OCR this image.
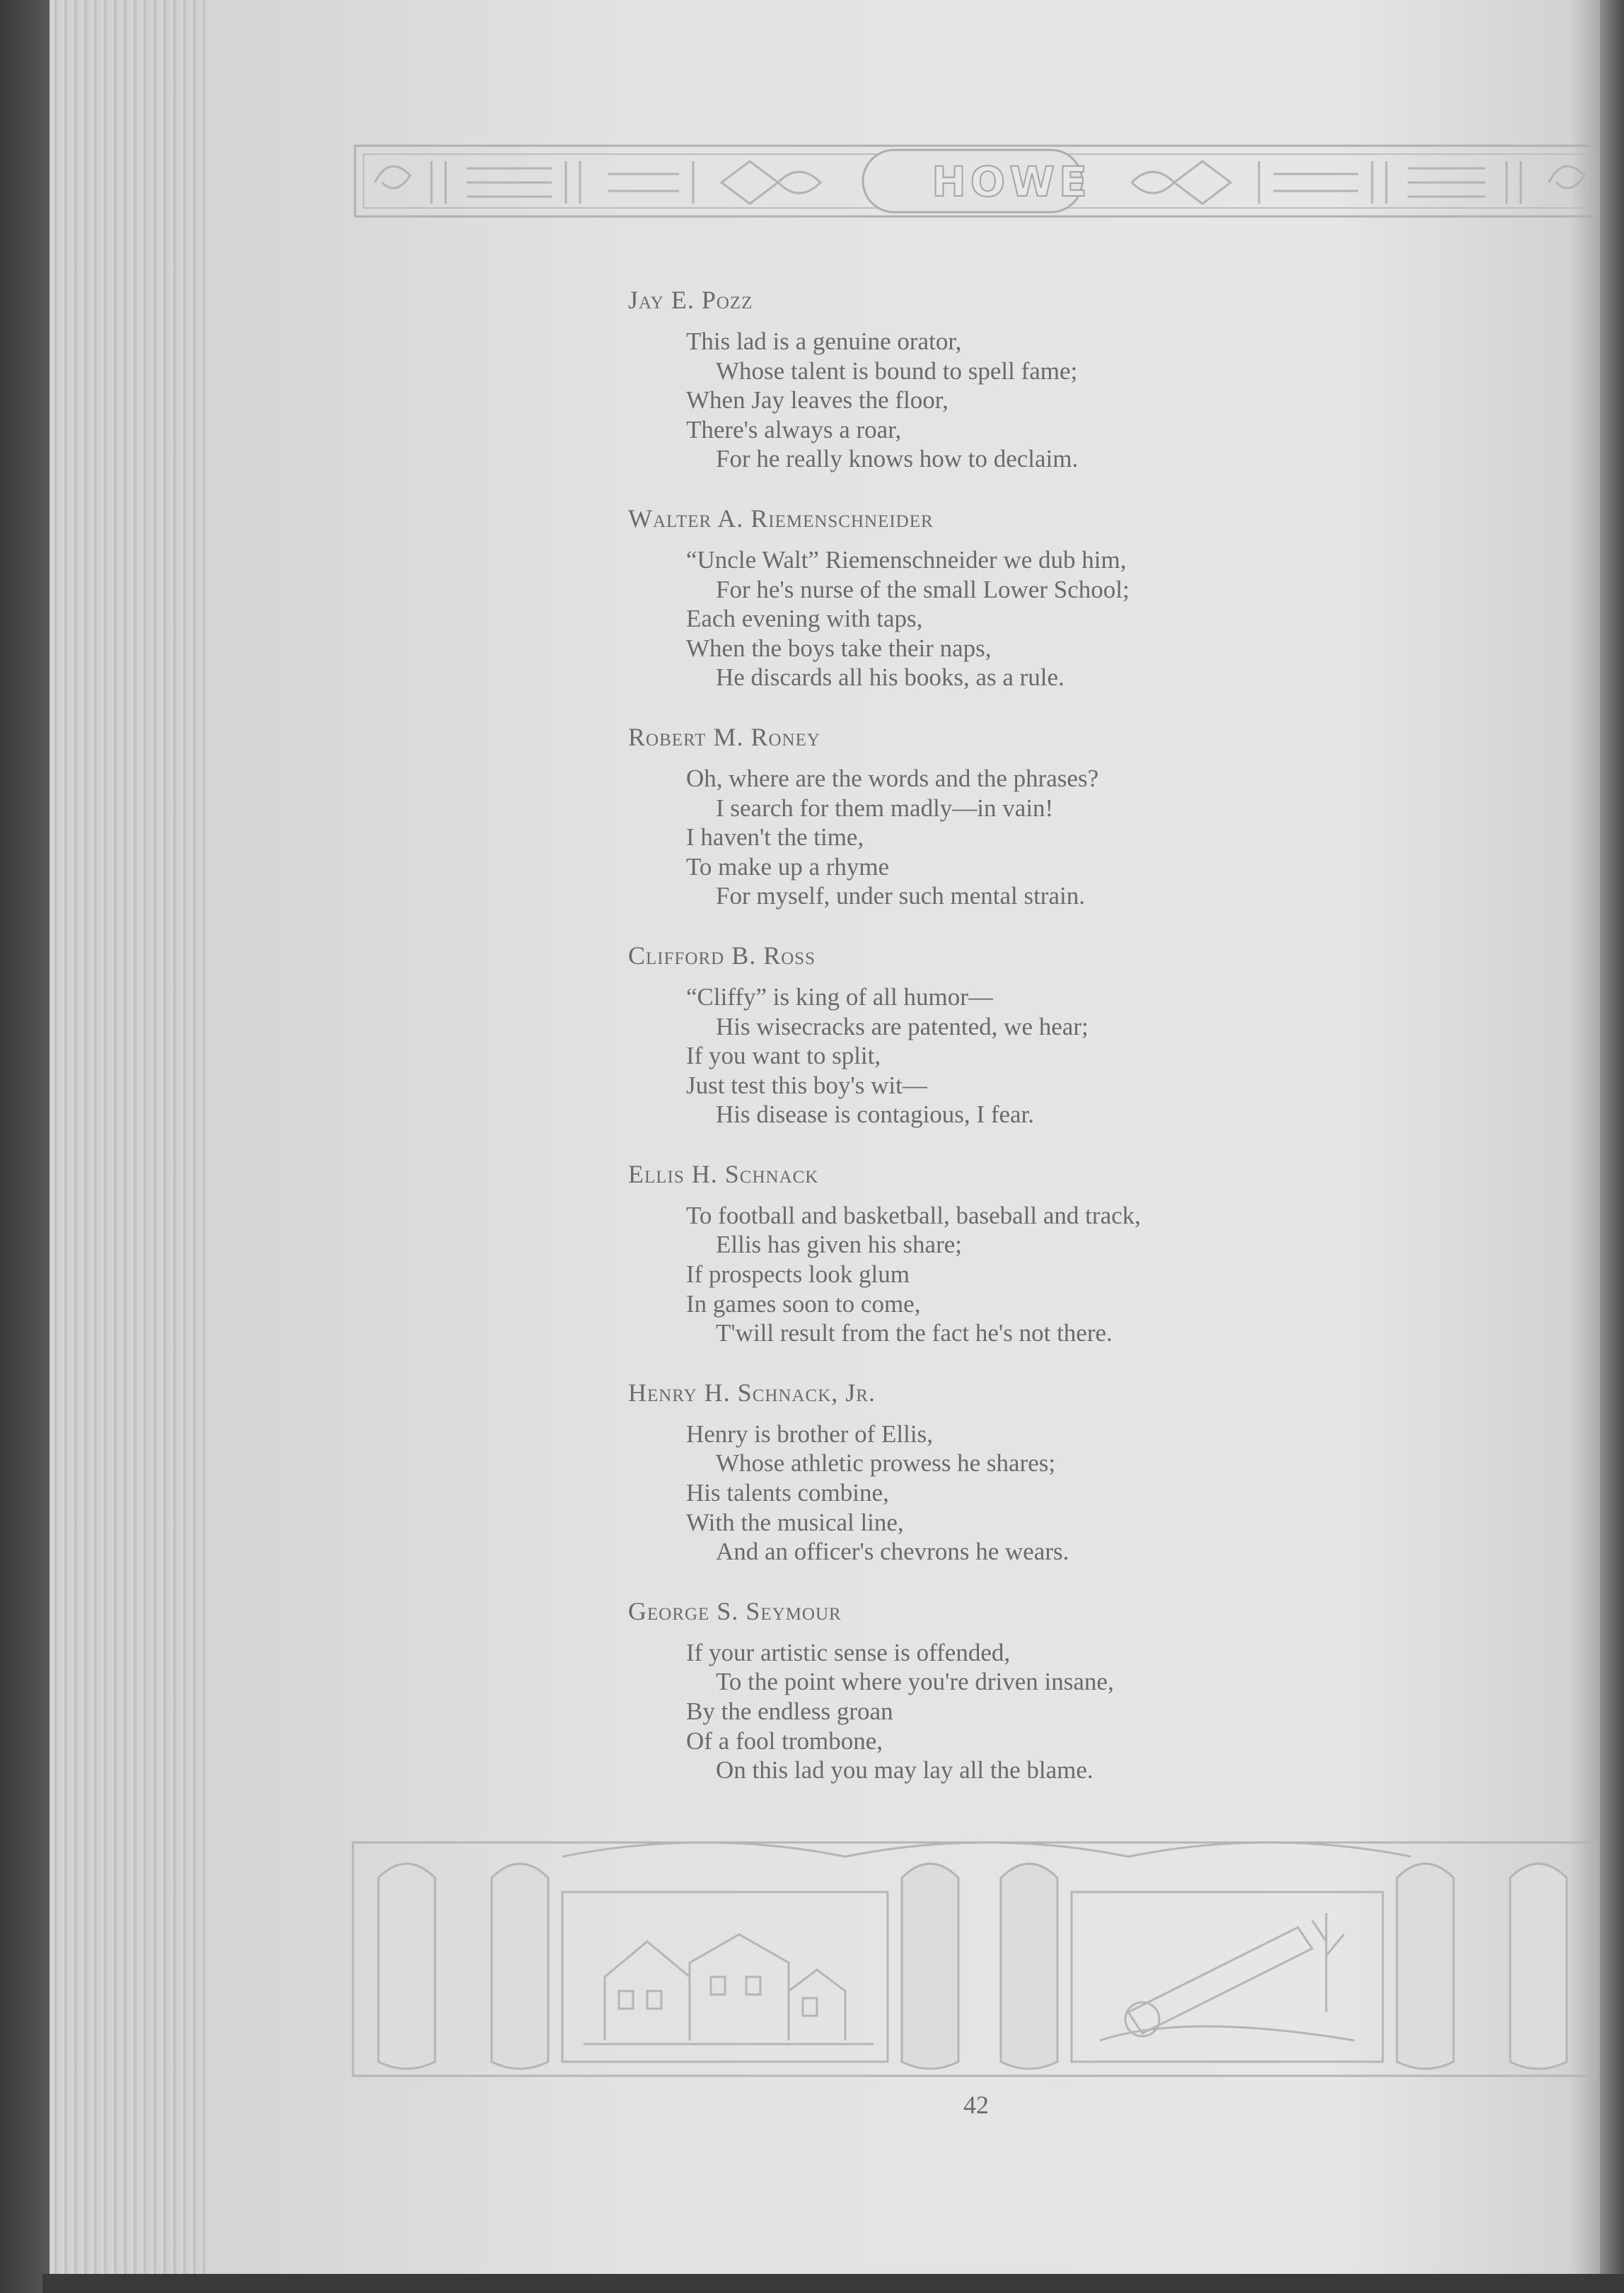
HOWE
Jay E. Pozz
This lad is a genuine orator,
Whose talent is bound to spell fame;
When Jay leaves the floor,
There's always a roar,
For he really knows how to declaim.
Walter A. Riemenschneider
“Uncle Walt” Riemenschneider we dub him,
For he's nurse of the small Lower School;
Each evening with taps,
When the boys take their naps,
He discards all his books, as a rule.
Robert M. Roney
Oh, where are the words and the phrases?
I search for them madly—in vain!
I haven't the time,
To make up a rhyme
For myself, under such mental strain.
Clifford B. Ross
“Cliffy” is king of all humor—
His wisecracks are patented, we hear;
If you want to split,
Just test this boy's wit—
His disease is contagious, I fear.
Ellis H. Schnack
To football and basketball, baseball and track,
Ellis has given his share;
If prospects look glum
In games soon to come,
T'will result from the fact he's not there.
Henry H. Schnack, Jr.
Henry is brother of Ellis,
Whose athletic prowess he shares;
His talents combine,
With the musical line,
And an officer's chevrons he wears.
George S. Seymour
If your artistic sense is offended,
To the point where you're driven insane,
By the endless groan
Of a fool trombone,
On this lad you may lay all the blame.
42
